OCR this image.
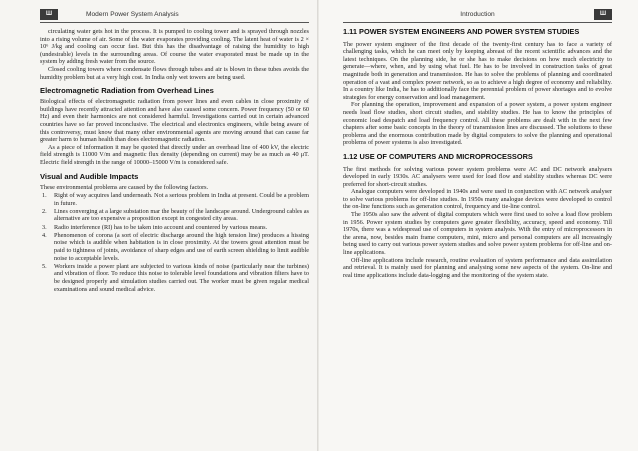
Ш	Modern Power System Analysis

circulating water gets hot in the process. It is pumped to cooling tower and is sprayed through nozzles into a rising volume of air. Some of the water evaporates providing cooling. The latent heat of water is 2 × 10⁶ J/kg and cooling can occur fast. But this has the disadvantage of raising the humidity to high (undesirable) levels in the surrounding areas. Of course the water evaporated must be made up in the system by adding fresh water from the source.

Closed cooling towers where condensate flows through tubes and air is blown in these tubes avoids the humidity problem but at a very high cost. In India only wet towers are being used.

Electromagnetic Radiation from Overhead Lines

Biological effects of electromagnetic radiation from power lines and even cables in close proximity of buildings have recently attracted attention and have also caused some concern. Power frequency (50 or 60 Hz) and even their harmonics are not considered harmful. Investigations carried out in certain advanced countries have so far proved inconclusive. The electrical and electronics engineers, while being aware of this controversy, must know that many other environmental agents are moving around that can cause far greater harm to human health than does electromagnetic radiation.

As a piece of information it may be quoted that directly under an overhead line of 400 kV, the electric field strength is 11000 V/m and magnetic flux density (depending on current) may be as much as 40 μT. Electric field strength in the range of 10000–15000 V/m is considered safe.

Visual and Audible Impacts

These environmental problems are caused by the following factors.

1. Right of way acquires land underneath. Not a serious problem in India at present. Could be a problem in future.
2. Lines converging at a large substation mar the beauty of the landscape around. Underground cables as alternative are too expensive a proposition except in congested city areas.
3. Radio interference (RI) has to be taken into account and countered by various means.
4. Phenomenon of corona (a sort of electric discharge around the high tension line) produces a hissing noise which is audible when habitation is in close proximity. At the towers great attention must be paid to tightness of joints, avoidance of sharp edges and use of earth screen shielding to limit audible noise to acceptable levels.
5. Workers inside a power plant are subjected to various kinds of noise (particularly near the turbines) and vibration of floor. To reduce this noise to tolerable level foundations and vibration filters have to be designed properly and simulation studies carried out. The worker must be given regular medical examinations and sound medical advice.
Introduction	Ш
1.11 POWER SYSTEM ENGINEERS AND POWER SYSTEM STUDIES

The power system engineer of the first decade of the twenty-first century has to face a variety of challenging tasks, which he can meet only by keeping abreast of the recent scientific advances and the latest techniques. On the planning side, he or she has to make decisions on how much electricity to generate—where, when, and by using what fuel. He has to be involved in construction tasks of great magnitude both in generation and transmission. He has to solve the problems of planning and coordinated operation of a vast and complex power network, so as to achieve a high degree of economy and reliability. In a country like India, he has to additionally face the perennial problem of power shortages and to evolve strategies for energy conservation and load management.

For planning the operation, improvement and expansion of a power system, a power system engineer needs load flow studies, short circuit studies, and stability studies. He has to know the principles of economic load despatch and load frequency control. All these problems are dealt with in the next few chapters after some basic concepts in the theory of transmission lines are discussed. The solutions to these problems and the enormous contribution made by digital computers to solve the planning and operational problems of power systems is also investigated.

1.12 USE OF COMPUTERS AND MICROPROCESSORS

The first methods for solving various power system problems were AC and DC network analysers developed in early 1930s. AC analysers were used for load flow and stability studies whereas DC were preferred for short-circuit studies.

Analogue computers were developed in 1940s and were used in conjunction with AC network analyser to solve various problems for off-line studies. In 1950s many analogue devices were developed to control the on-line functions such as generation control, frequency and tie-line control.

The 1950s also saw the advent of digital computers which were first used to solve a load flow problem in 1956. Power system studies by computers gave greater flexibility, accuracy, speed and economy. Till 1970s, there was a widespread use of computers in system analysis. With the entry of microprocessors in the arena, now, besides main frame computers, mini, micro and personal computers are all increasingly being used to carry out various power system studies and solve power system problems for off-line and on-line applications.

Off-line applications include research, routine evaluation of system performance and data assimilation and retrieval. It is mainly used for planning and analysing some new aspects of the system. On-line and real time applications include data-logging and the monitoring of the system state.
